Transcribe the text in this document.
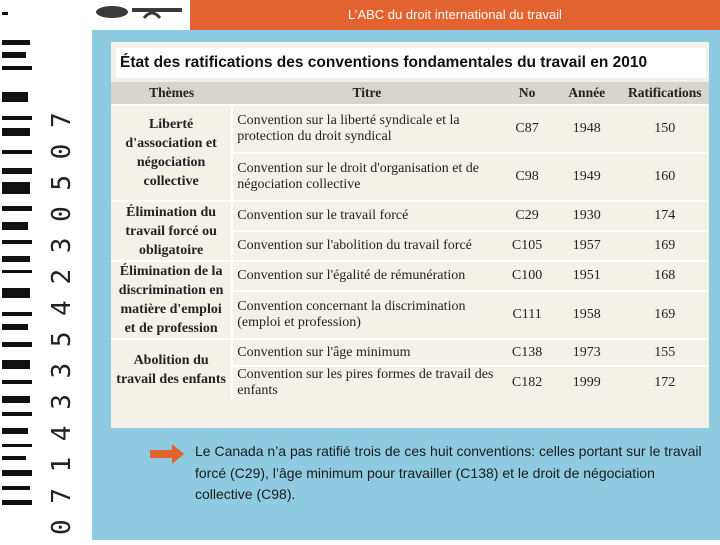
0 7 1 4 3 3 5 4 2 3 0 5 0 7
L’ABC du droit international du travail
État des ratifications des conventions fondamentales du travail en 2010
Thèmes	Titre	No	Année	Ratifications
Liberté d'association et négociation collective	Convention sur la liberté syndicale et la protection du droit syndical	C87	1948	150
	Convention sur le droit d'organisation et de négociation collective	C98	1949	160
Élimination du travail forcé ou obligatoire	Convention sur le travail forcé	C29	1930	174
	Convention sur l'abolition du travail forcé	C105	1957	169
Élimination de la discrimination en matière d'emploi et de profession	Convention sur l'égalité de rémunération	C100	1951	168
	Convention concernant la discrimination (emploi et profession)	C111	1958	169
Abolition du travail des enfants	Convention sur l'âge minimum	C138	1973	155
	Convention sur les pires formes de travail des enfants	C182	1999	172
Le Canada n’a pas ratifié trois de ces huit conventions: celles portant sur le travail forcé (C29), l’âge minimum pour travailler (C138) et le droit de négociation collective (C98).
